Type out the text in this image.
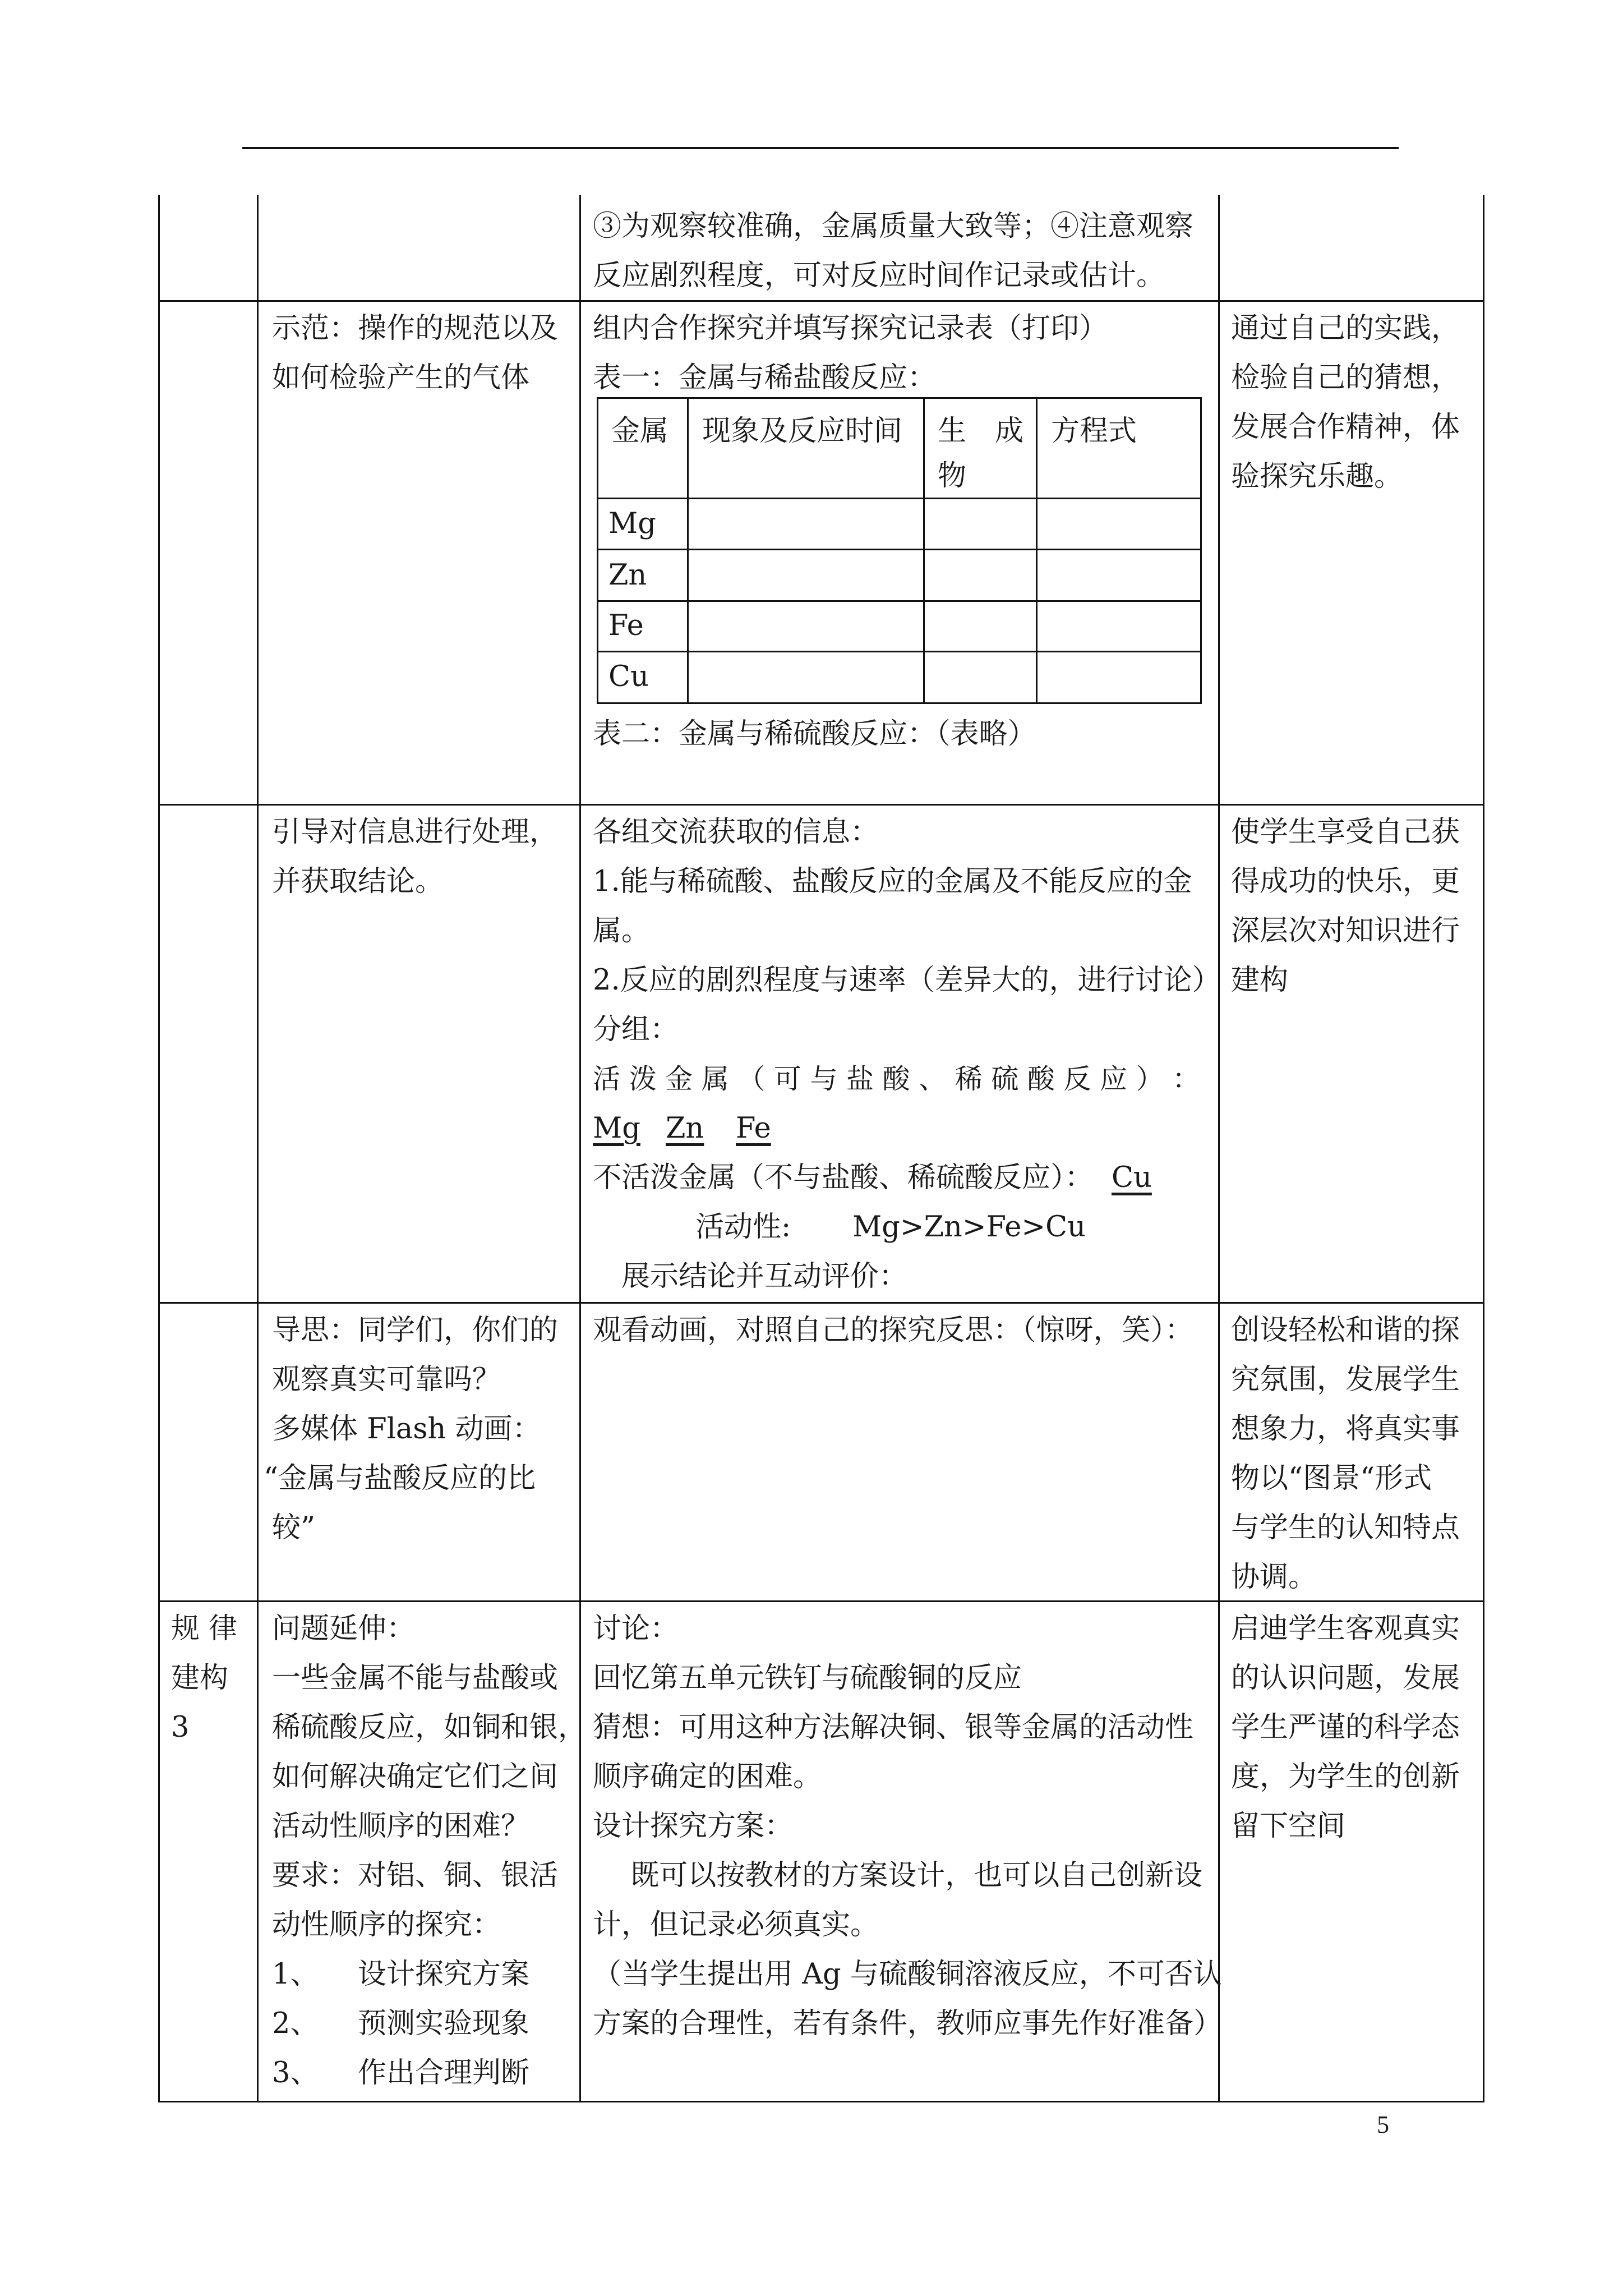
③为观察较准确，金属质量大致等；④注意观察
反应剧烈程度，可对反应时间作记录或估计。
示范：操作的规范以及
如何检验产生的气体
组内合作探究并填写探究记录表（打印）
表一：金属与稀盐酸反应：
金属 现象及反应时间 生　成
物
方程式
Mg
Zn
Fe
Cu
表二：金属与稀硫酸反应：（表略）
通过自己的实践，
检验自己的猜想，
发展合作精神，体
验探究乐趣。
引导对信息进行处理，
并获取结论。
各组交流获取的信息：
1.能与稀硫酸、盐酸反应的金属及不能反应的金
属。
2.反应的剧烈程度与速率（差异大的，进行讨论）
分组：
活 泼 金 属 （ 可 与 盐 酸 、 稀 硫 酸 反 应 ） ：
Mg Zn Fe
不活泼金属（不与盐酸、稀硫酸反应）： Cu
活动性: Mg>Zn>Fe>Cu
展示结论并互动评价：
使学生享受自己获
得成功的快乐，更
深层次对知识进行
建构
导思：同学们，你们的
观察真实可靠吗？
多媒体 Flash 动画：
“金属与盐酸反应的比
较”
观看动画，对照自己的探究反思：（惊呀，笑）： 创设轻松和谐的探
究氛围，发展学生
想象力，将真实事
物以“图景“形式
与学生的认知特点
协调。
规 律
建构
3
问题延伸：
一些金属不能与盐酸或
稀硫酸反应，如铜和银，
如何解决确定它们之间
活动性顺序的困难？
要求：对铝、铜、银活
动性顺序的探究：
1、 设计探究方案
2、 预测实验现象
3、 作出合理判断
讨论：
回忆第五单元铁钉与硫酸铜的反应
猜想：可用这种方法解决铜、银等金属的活动性
顺序确定的困难。
设计探究方案：
　 既可以按教材的方案设计，也可以自己创新设
计，但记录必须真实。
（当学生提出用 Ag 与硫酸铜溶液反应，不可否认
方案的合理性，若有条件，教师应事先作好准备）
启迪学生客观真实
的认识问题，发展
学生严谨的科学态
度，为学生的创新
留下空间
5
